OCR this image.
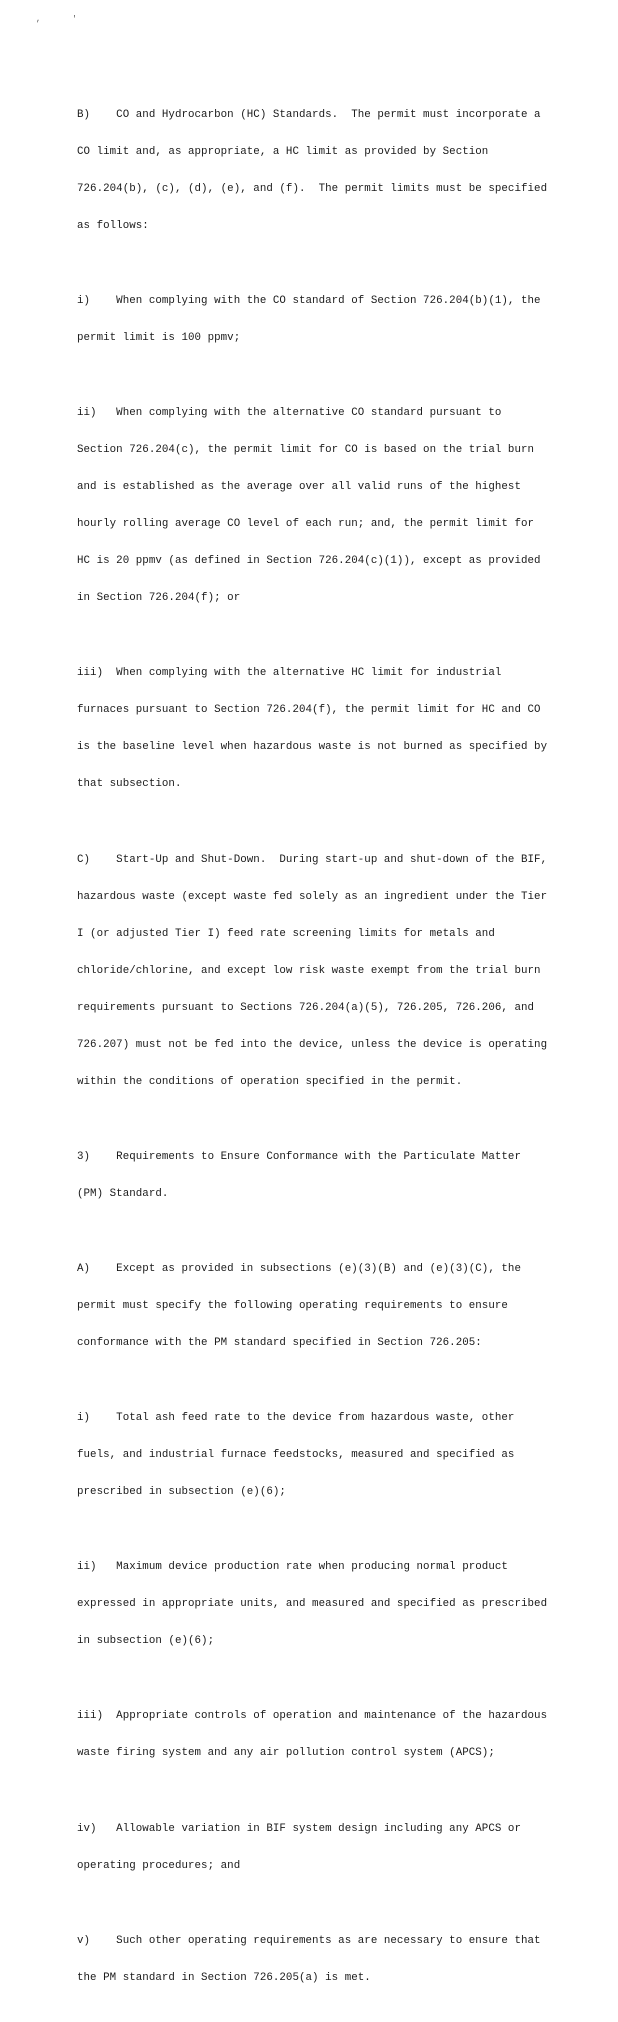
,	'

B)    CO and Hydrocarbon (HC) Standards.  The permit must incorporate a

CO limit and, as appropriate, a HC limit as provided by Section

726.204(b), (c), (d), (e), and (f).  The permit limits must be specified

as follows:

i)    When complying with the CO standard of Section 726.204(b)(1), the

permit limit is 100 ppmv;

ii)   When complying with the alternative CO standard pursuant to

Section 726.204(c), the permit limit for CO is based on the trial burn

and is established as the average over all valid runs of the highest

hourly rolling average CO level of each run; and, the permit limit for

HC is 20 ppmv (as defined in Section 726.204(c)(1)), except as provided

in Section 726.204(f); or

iii)  When complying with the alternative HC limit for industrial

furnaces pursuant to Section 726.204(f), the permit limit for HC and CO

is the baseline level when hazardous waste is not burned as specified by

that subsection.

C)    Start-Up and Shut-Down.  During start-up and shut-down of the BIF,

hazardous waste (except waste fed solely as an ingredient under the Tier

I (or adjusted Tier I) feed rate screening limits for metals and

chloride/chlorine, and except low risk waste exempt from the trial burn

requirements pursuant to Sections 726.204(a)(5), 726.205, 726.206, and

726.207) must not be fed into the device, unless the device is operating

within the conditions of operation specified in the permit.

3)    Requirements to Ensure Conformance with the Particulate Matter

(PM) Standard.

A)    Except as provided in subsections (e)(3)(B) and (e)(3)(C), the

permit must specify the following operating requirements to ensure

conformance with the PM standard specified in Section 726.205:

i)    Total ash feed rate to the device from hazardous waste, other

fuels, and industrial furnace feedstocks, measured and specified as

prescribed in subsection (e)(6);

ii)   Maximum device production rate when producing normal product

expressed in appropriate units, and measured and specified as prescribed

in subsection (e)(6);

iii)  Appropriate controls of operation and maintenance of the hazardous

waste firing system and any air pollution control system (APCS);

iv)   Allowable variation in BIF system design including any APCS or

operating procedures; and

v)    Such other operating requirements as are necessary to ensure that

the PM standard in Section 726.205(a) is met.
